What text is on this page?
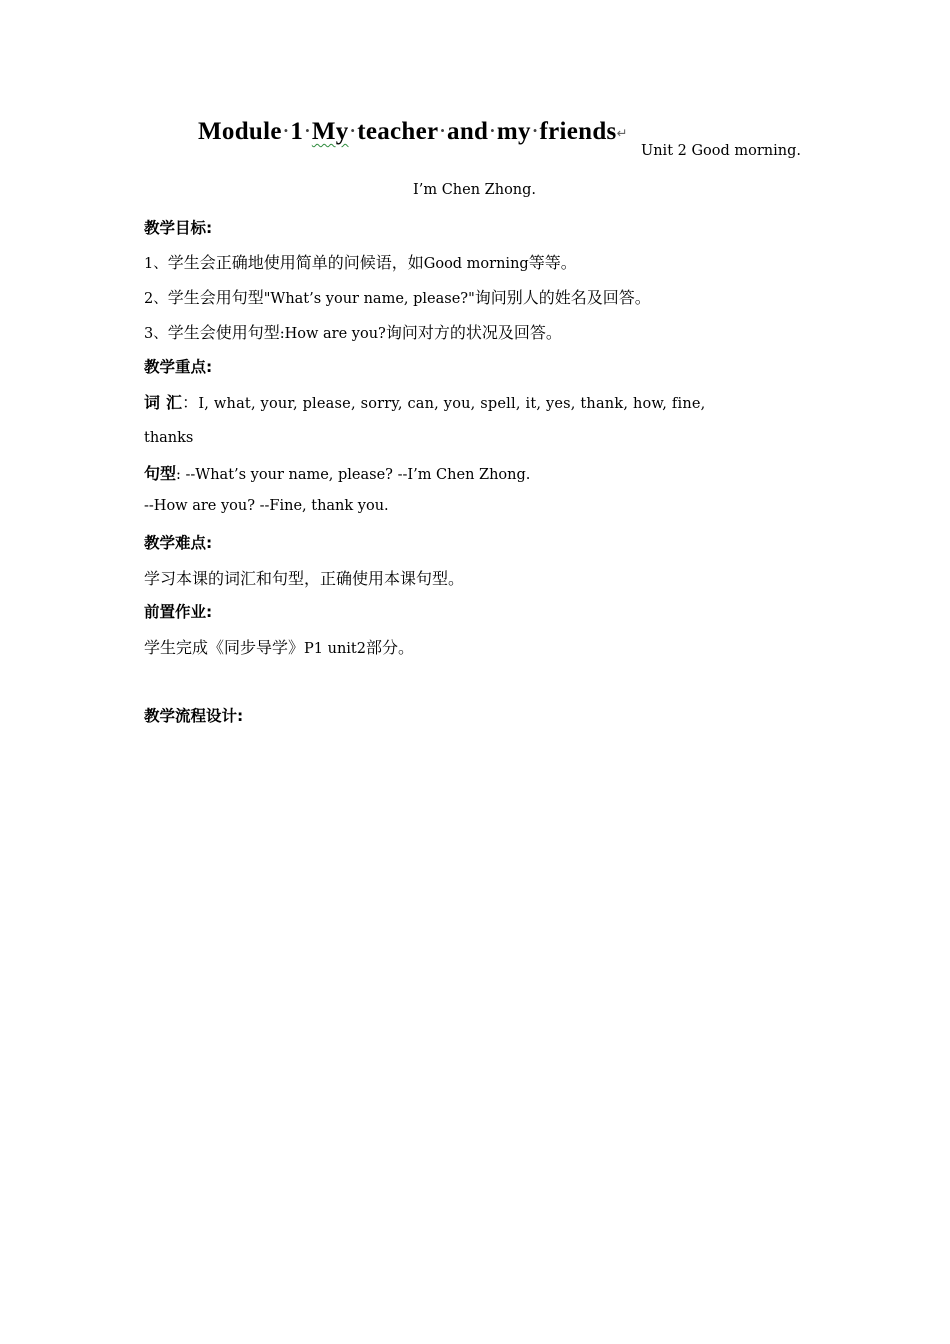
Module·1·My·teacher·and·my·friends↵
Unit 2 Good morning.
I’m Chen Zhong.
教学目标:
1、学生会正确地使用简单的问候语，如Good morning等等。
2、学生会用句型"What’s your name, please?"询问别人的姓名及回答。
3、学生会使用句型:How are you?询问对方的状况及回答。
教学重点:
词 汇：I, what, your, please, sorry, can, you, spell, it, yes, thank, how, fine,
thanks
句型: --What’s your name, please? --I’m Chen Zhong.
--How are you? --Fine, thank you.
教学难点:
学习本课的词汇和句型，正确使用本课句型。
前置作业:
学生完成《同步导学》P1 unit2部分。
教学流程设计:
